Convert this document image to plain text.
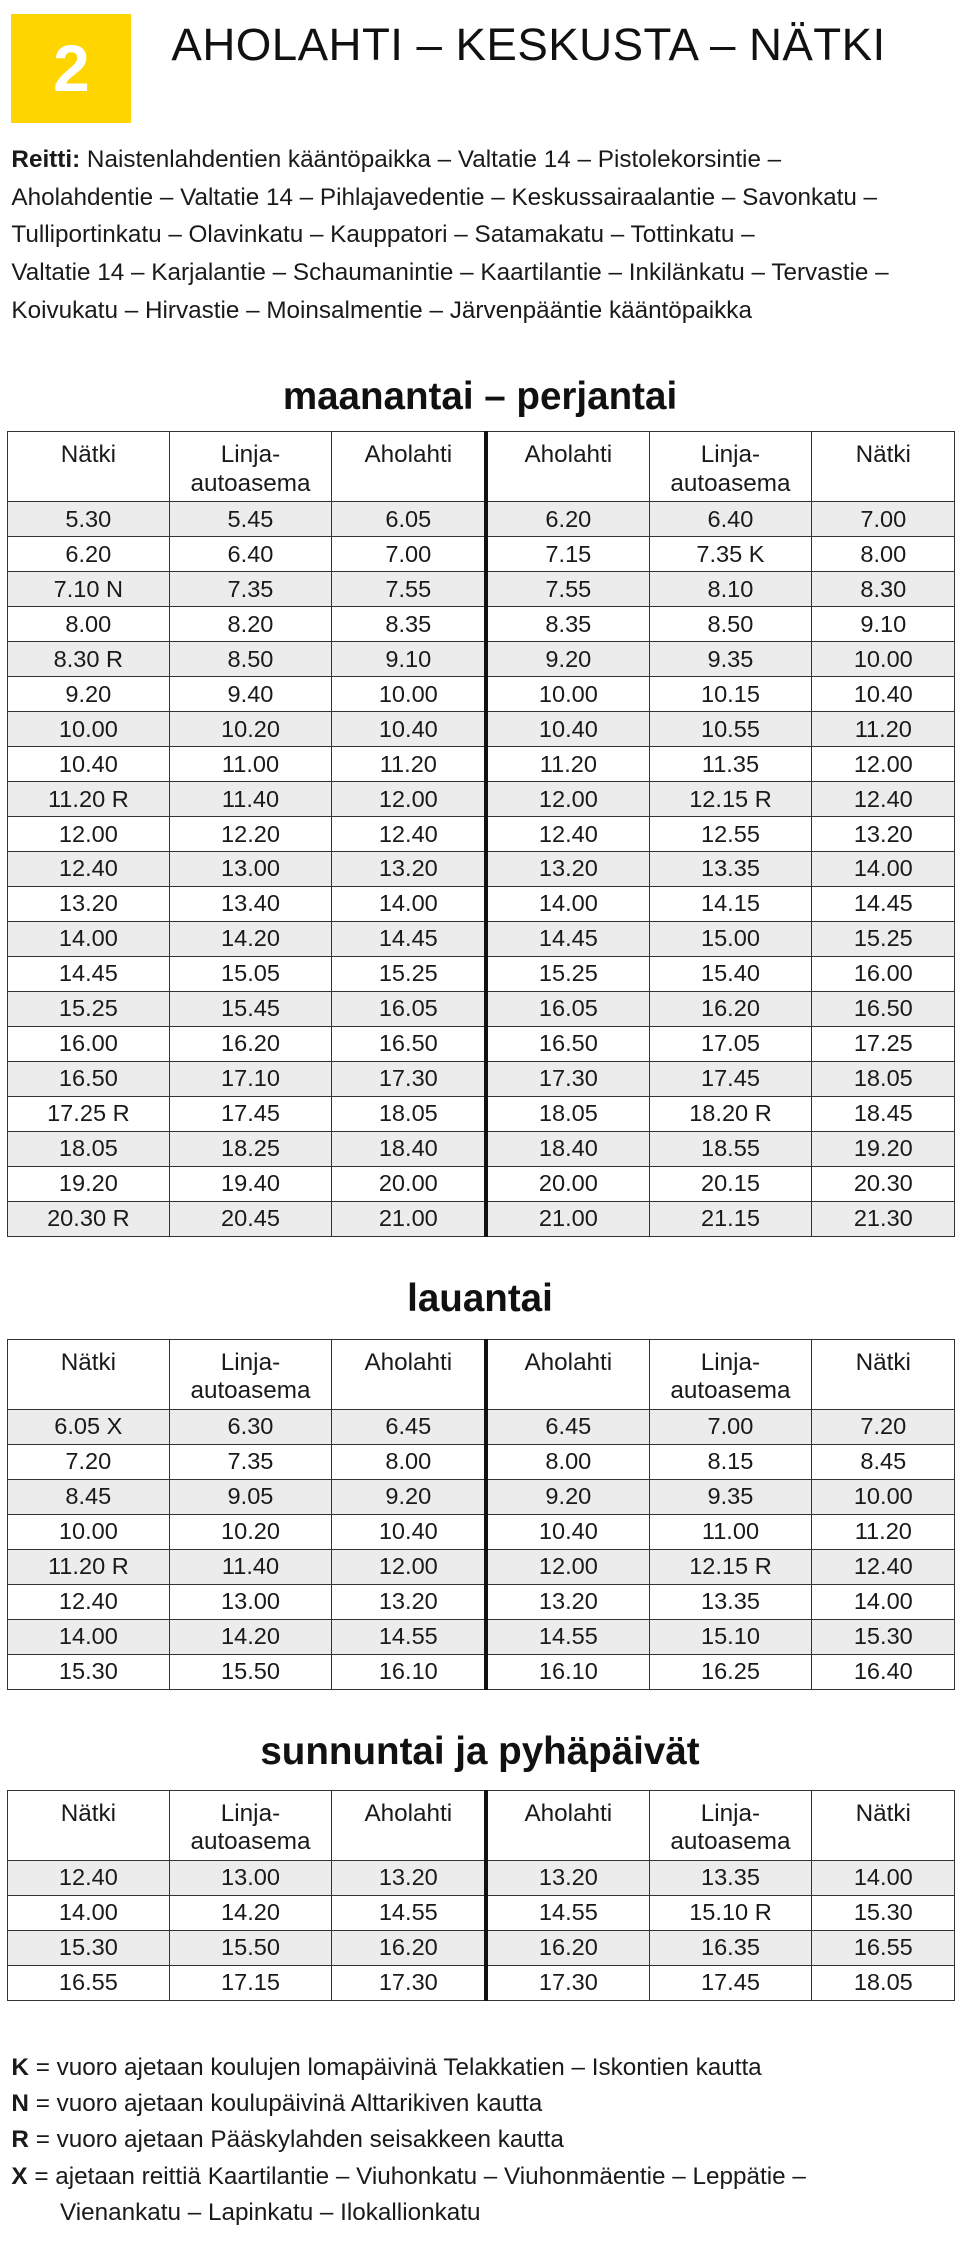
2	AHOLAHTI – KESKUSTA – NÄTKI
Reitti: Naistenlahdentien kääntöpaikka – Valtatie 14 – Pistolekorsintie –
Aholahdentie – Valtatie 14 – Pihlajavedentie – Keskussairaalantie – Savonkatu –
Tulliportinkatu – Olavinkatu – Kauppatori – Satamakatu – Tottinkatu –
Valtatie 14 – Karjalantie – Schaumanintie – Kaartilantie – Inkilänkatu – Tervastie –
Koivukatu – Hirvastie – Moinsalmentie – Järvenpääntie kääntöpaikka
maanantai – perjantai
Nätki	Linja-
autoasema	Aholahti	Aholahti	Linja-
autoasema	Nätki
5.30	5.45	6.05	6.20	6.40	7.00
6.20	6.40	7.00	7.15	7.35 K	8.00
7.10 N	7.35	7.55	7.55	8.10	8.30
8.00	8.20	8.35	8.35	8.50	9.10
8.30 R	8.50	9.10	9.20	9.35	10.00
9.20	9.40	10.00	10.00	10.15	10.40
10.00	10.20	10.40	10.40	10.55	11.20
10.40	11.00	11.20	11.20	11.35	12.00
11.20 R	11.40	12.00	12.00	12.15 R	12.40
12.00	12.20	12.40	12.40	12.55	13.20
12.40	13.00	13.20	13.20	13.35	14.00
13.20	13.40	14.00	14.00	14.15	14.45
14.00	14.20	14.45	14.45	15.00	15.25
14.45	15.05	15.25	15.25	15.40	16.00
15.25	15.45	16.05	16.05	16.20	16.50
16.00	16.20	16.50	16.50	17.05	17.25
16.50	17.10	17.30	17.30	17.45	18.05
17.25 R	17.45	18.05	18.05	18.20 R	18.45
18.05	18.25	18.40	18.40	18.55	19.20
19.20	19.40	20.00	20.00	20.15	20.30
20.30 R	20.45	21.00	21.00	21.15	21.30
lauantai
Nätki	Linja-
autoasema	Aholahti	Aholahti	Linja-
autoasema	Nätki
6.05 X	6.30	6.45	6.45	7.00	7.20
7.20	7.35	8.00	8.00	8.15	8.45
8.45	9.05	9.20	9.20	9.35	10.00
10.00	10.20	10.40	10.40	11.00	11.20
11.20 R	11.40	12.00	12.00	12.15 R	12.40
12.40	13.00	13.20	13.20	13.35	14.00
14.00	14.20	14.55	14.55	15.10	15.30
15.30	15.50	16.10	16.10	16.25	16.40
sunnuntai ja pyhäpäivät
Nätki	Linja-
autoasema	Aholahti	Aholahti	Linja-
autoasema	Nätki
12.40	13.00	13.20	13.20	13.35	14.00
14.00	14.20	14.55	14.55	15.10 R	15.30
15.30	15.50	16.20	16.20	16.35	16.55
16.55	17.15	17.30	17.30	17.45	18.05
K = vuoro ajetaan koulujen lomapäivinä Telakkatien – Iskontien kautta
N = vuoro ajetaan koulupäivinä Alttarikiven kautta
R = vuoro ajetaan Pääskylahden seisakkeen kautta
X = ajetaan reittiä Kaartilantie – Viuhonkatu – Viuhonmäentie – Leppätie –
Vienankatu – Lapinkatu – Ilokallionkatu
